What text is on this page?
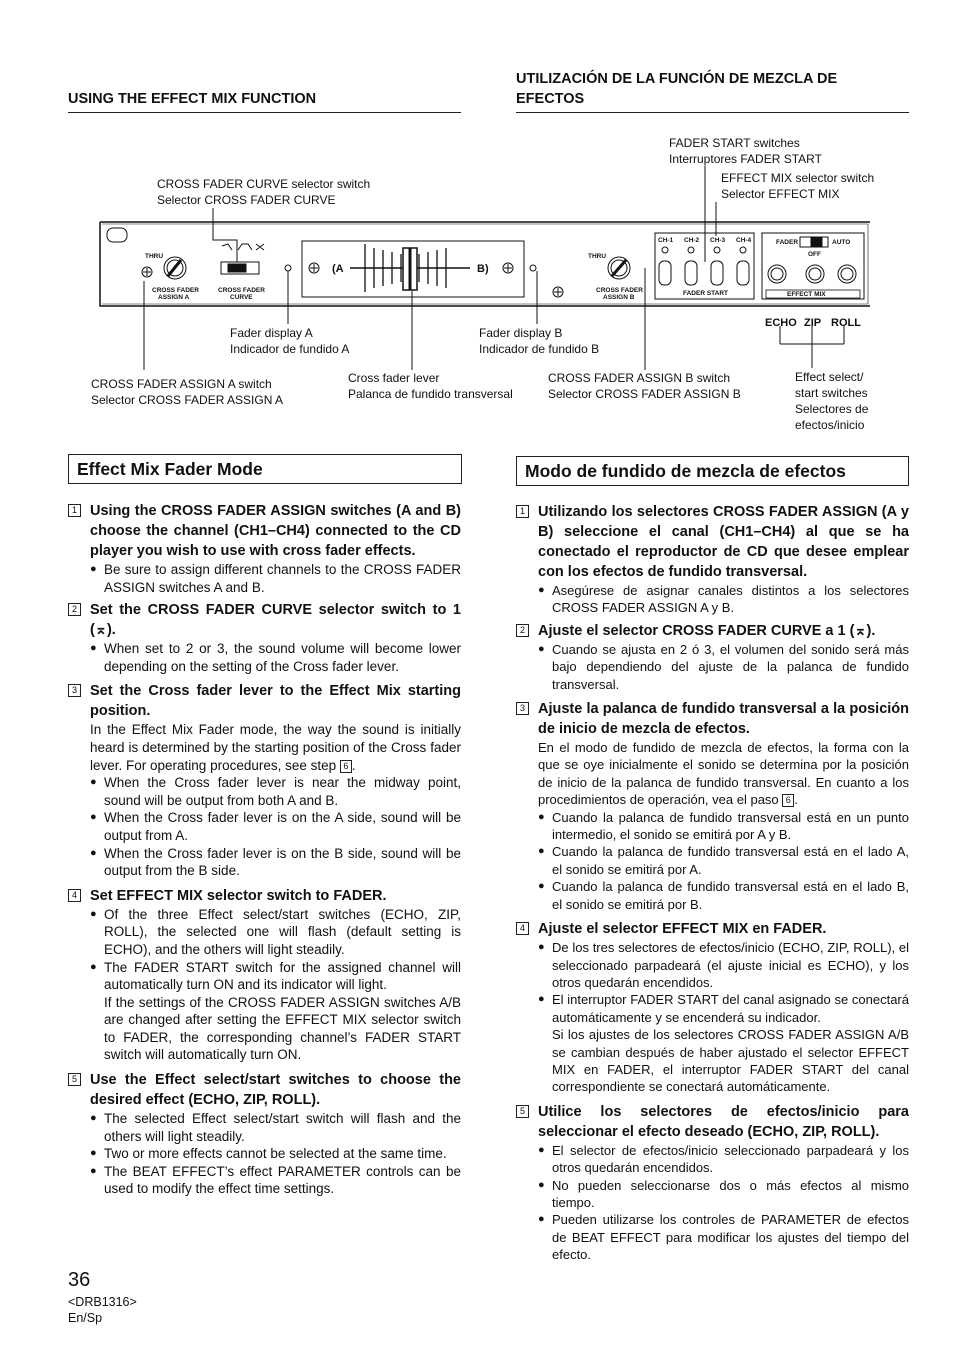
USING THE EFFECT MIX FUNCTION
UTILIZACIÓN DE LA FUNCIÓN DE MEZCLA DE EFECTOS
FADER START switches
Interruptores FADER START
EFFECT MIX selector switch
Selector EFFECT MIX
CROSS FADER CURVE selector switch
Selector CROSS FADER CURVE
Fader display A
Indicador de fundido A
Fader display B
Indicador de fundido B
CROSS FADER ASSIGN A switch
Selector CROSS FADER ASSIGN A
Cross fader lever
Palanca de fundido transversal
CROSS FADER ASSIGN B switch
Selector CROSS FADER ASSIGN B
Effect select/
start switches
Selectores de
efectos/inicio
THRU
CROSS FADER
ASSIGN A
CROSS FADER
CURVE
THRU
CROSS FADER
ASSIGN B
CH-1 CH-2 CH-3 CH-4
FADER START
FADER	AUTO
OFF
EFFECT MIX
(A	B)
ECHO ZIP ROLL
Effect Mix Fader Mode	Modo de fundido de mezcla de efectos
1 Using the CROSS FADER ASSIGN switches (A and B) choose the channel (CH1–CH4) connected to the CD player you wish to use with cross fader effects.
● Be sure to assign different channels to the CROSS FADER ASSIGN switches A and B.
2 Set the CROSS FADER CURVE selector switch to 1 (⌅).
● When set to 2 or 3, the sound volume will become lower depending on the setting of the Cross fader lever.
3 Set the Cross fader lever to the Effect Mix starting position.
In the Effect Mix Fader mode, the way the sound is initially heard is determined by the starting position of the Cross fader lever. For operating procedures, see step 6 .
● When the Cross fader lever is near the midway point, sound will be output from both A and B.
● When the Cross fader lever is on the A side, sound will be output from A.
● When the Cross fader lever is on the B side, sound will be output from the B side.
4 Set EFFECT MIX selector switch to FADER.
● Of the three Effect select/start switches (ECHO, ZIP, ROLL), the selected one will flash (default setting is ECHO), and the others will light steadily.
● The FADER START switch for the assigned channel will automatically turn ON and its indicator will light.
If the settings of the CROSS FADER ASSIGN switches A/B are changed after setting the EFFECT MIX selector switch to FADER, the corresponding channel’s FADER START switch will automatically turn ON.
5 Use the Effect select/start switches to choose the desired effect (ECHO, ZIP, ROLL).
● The selected Effect select/start switch will flash and the others will light steadily.
● Two or more effects cannot be selected at the same time.
● The BEAT EFFECT’s effect PARAMETER controls can be used to modify the effect time settings.
1 Utilizando los selectores CROSS FADER ASSIGN (A y B) seleccione el canal (CH1–CH4) al que se ha conectado el reproductor de CD que desee emplear con los efectos de fundido transversal.
● Asegúrese de asignar canales distintos a los selectores CROSS FADER ASSIGN A y B.
2 Ajuste el selector CROSS FADER CURVE a 1 (⌅).
● Cuando se ajusta en 2 ó 3, el volumen del sonido será más bajo dependiendo del ajuste de la palanca de fundido transversal.
3 Ajuste la palanca de fundido transversal a la posición de inicio de mezcla de efectos.
En el modo de fundido de mezcla de efectos, la forma con la que se oye inicialmente el sonido se determina por la posición de inicio de la palanca de fundido transversal. En cuanto a los procedimientos de operación, vea el paso 6 .
● Cuando la palanca de fundido transversal está en un punto intermedio, el sonido se emitirá por A y B.
● Cuando la palanca de fundido transversal está en el lado A, el sonido se emitirá por A.
● Cuando la palanca de fundido transversal está en el lado B, el sonido se emitirá por B.
4 Ajuste el selector EFFECT MIX en FADER.
● De los tres selectores de efectos/inicio (ECHO, ZIP, ROLL), el seleccionado parpadeará (el ajuste inicial es ECHO), y los otros quedarán encendidos.
● El interruptor FADER START del canal asignado se conectará automáticamente y se encenderá su indicador.
Si los ajustes de los selectores CROSS FADER ASSIGN A/B se cambian después de haber ajustado el selector EFFECT MIX en FADER, el interruptor FADER START del canal correspondiente se conectará automáticamente.
5 Utilice los selectores de efectos/inicio para seleccionar el efecto deseado (ECHO, ZIP, ROLL).
● El selector de efectos/inicio seleccionado parpadeará y los otros quedarán encendidos.
● No pueden seleccionarse dos o más efectos al mismo tiempo.
● Pueden utilizarse los controles de PARAMETER de efectos de BEAT EFFECT para modificar los ajustes del tiempo del efecto.
36
<DRB1316>
En/Sp
